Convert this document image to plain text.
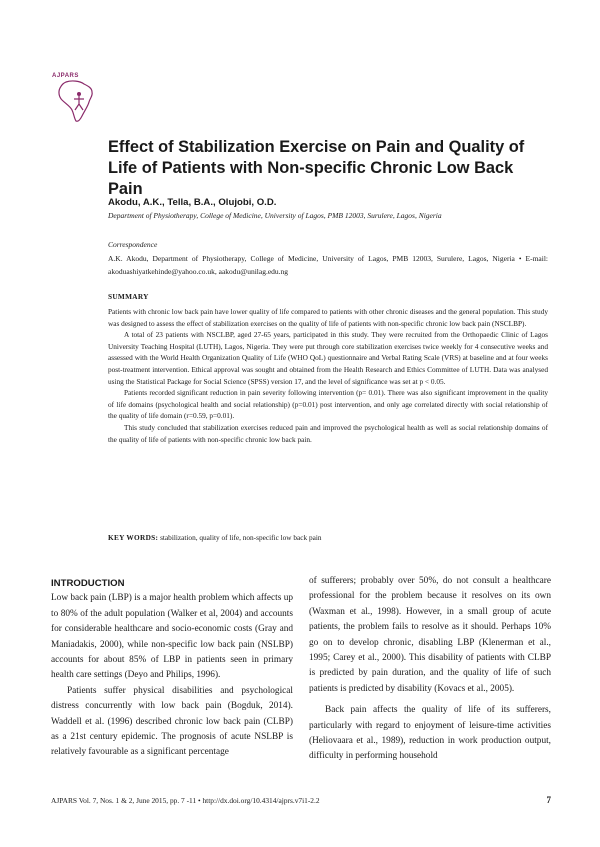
AJPARS
Effect of Stabilization Exercise on Pain and Quality of Life of Patients with Non-specific Chronic Low Back Pain
Akodu, A.K., Tella, B.A., Olujobi, O.D.
Department of Physiotherapy, College of Medicine, University of Lagos, PMB 12003, Surulere, Lagos, Nigeria
Correspondence
A.K. Akodu, Department of Physiotherapy, College of Medicine, University of Lagos, PMB 12003, Surulere, Lagos, Nigeria • E-mail: akoduashiyatkehinde@yahoo.co.uk, aakodu@unilag.edu.ng
SUMMARY

Patients with chronic low back pain have lower quality of life compared to patients with other chronic diseases and the general population. This study was designed to assess the effect of stabilization exercises on the quality of life of patients with non-specific chronic low back pain (NSCLBP).

A total of 23 patients with NSCLBP, aged 27-65 years, participated in this study. They were recruited from the Orthopaedic Clinic of Lagos University Teaching Hospital (LUTH), Lagos, Nigeria. They were put through core stabilization exercises twice weekly for 4 consecutive weeks and assessed with the World Health Organization Quality of Life (WHO QoL) questionnaire and Verbal Rating Scale (VRS) at baseline and at four weeks post-treatment intervention. Ethical approval was sought and obtained from the Health Research and Ethics Committee of LUTH. Data was analysed using the Statistical Package for Social Science (SPSS) version 17, and the level of significance was set at p < 0.05.

Patients recorded significant reduction in pain severity following intervention (p= 0.01). There was also significant improvement in the quality of life domains (psychological health and social relationship) (p=0.01) post intervention, and only age correlated directly with social relationship of the quality of life domain (r=0.59, p=0.01).

This study concluded that stabilization exercises reduced pain and improved the psychological health as well as social relationship domains of the quality of life of patients with non-specific chronic low back pain.

KEY WORDS: stabilization, quality of life, non-specific low back pain

INTRODUCTION

Low back pain (LBP) is a major health problem which affects up to 80% of the adult population (Walker et al, 2004) and accounts for considerable healthcare and socio-economic costs (Gray and Maniadakis, 2000), while non-specific low back pain (NSLBP) accounts for about 85% of LBP in patients seen in primary health care settings (Deyo and Philips, 1996).

Patients suffer physical disabilities and psychological distress concurrently with low back pain (Bogduk, 2014). Waddell et al. (1996) described chronic low back pain (CLBP) as a 21st century epidemic. The prognosis of acute NSLBP is relatively favourable as a significant percentage

of sufferers; probably over 50%, do not consult a healthcare professional for the problem because it resolves on its own (Waxman et al., 1998). However, in a small group of acute patients, the problem fails to resolve as it should. Perhaps 10% go on to develop chronic, disabling LBP (Klenerman et al., 1995; Carey et al., 2000). This disability of patients with CLBP is predicted by pain duration, and the quality of life of such patients is predicted by disability (Kovacs et al., 2005).

Back pain affects the quality of life of its sufferers, particularly with regard to enjoyment of leisure-time activities (Heliovaara et al., 1989), reduction in work production output, difficulty in performing household

AJPARS Vol. 7, Nos. 1 & 2, June 2015, pp. 7 -11 • http://dx.doi.org/10.4314/ajprs.v7i1-2.2	7
